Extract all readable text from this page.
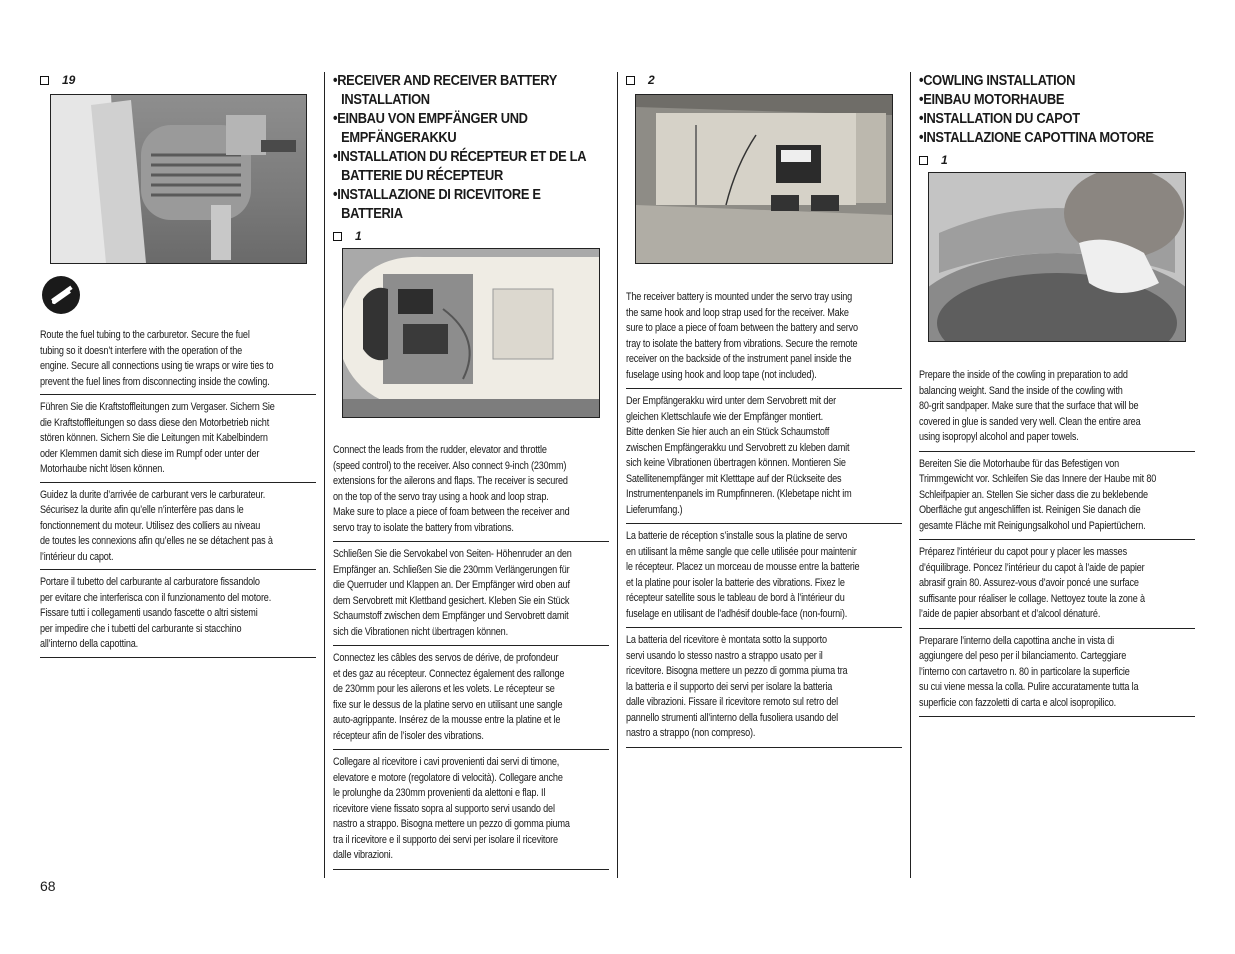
19

Route the fuel tubing to the carburetor. Secure the fuel
tubing so it doesn’t interfere with the operation of the
engine. Secure all connections using tie wraps or wire ties to
prevent the fuel lines from disconnecting inside the cowling.

Führen Sie die Kraftstoffleitungen zum Vergaser. Sichern Sie
die Kraftstoffleitungen so dass diese den Motorbetrieb nicht
stören können. Sichern Sie die Leitungen mit Kabelbindern
oder Klemmen damit sich diese im Rumpf oder unter der
Motorhaube nicht lösen können.

Guidez la durite d’arrivée de carburant vers le carburateur.
Sécurisez la durite afin qu’elle n’interfère pas dans le
fonctionnement du moteur. Utilisez des colliers au niveau
de toutes les connexions afin qu’elles ne se détachent pas à
l’intérieur du capot.

Portare il tubetto del carburante al carburatore fissandolo
per evitare che interferisca con il funzionamento del motore.
Fissare tutti i collegamenti usando fascette o altri sistemi
per impedire che i tubetti del carburante si stacchino
all’interno della capottina.

•RECEIVER AND RECEIVER BATTERY
INSTALLATION
•EINBAU VON EMPFÄNGER UND
EMPFÄNGERAKKU
•INSTALLATION DU RÉCEPTEUR ET DE LA
BATTERIE DU RÉCEPTEUR
•INSTALLAZIONE DI RICEVITORE E
BATTERIA
1

Connect the leads from the rudder, elevator and throttle
(speed control) to the receiver. Also connect 9-inch (230mm)
extensions for the ailerons and flaps. The receiver is secured
on the top of the servo tray using a hook and loop strap.
Make sure to place a piece of foam between the receiver and
servo tray to isolate the battery from vibrations.

Schließen Sie die Servokabel von Seiten- Höhenruder an den
Empfänger an. Schließen Sie die 230mm Verlängerungen für
die Querruder und Klappen an. Der Empfänger wird oben auf
dem Servobrett mit Klettband gesichert. Kleben Sie ein Stück
Schaumstoff zwischen dem Empfänger und Servobrett damit
sich die Vibrationen nicht übertragen können.

Connectez les câbles des servos de dérive, de profondeur
et des gaz au récepteur. Connectez également des rallonge
de 230mm pour les ailerons et les volets. Le récepteur se
fixe sur le dessus de la platine servo en utilisant une sangle
auto-agrippante. Insérez de la mousse entre la platine et le
récepteur afin de l’isoler des vibrations.

Collegare al ricevitore i cavi provenienti dai servi di timone,
elevatore e motore (regolatore di velocità). Collegare anche
le prolunghe da 230mm provenienti da alettoni e flap. Il
ricevitore viene fissato sopra al supporto servi usando del
nastro a strappo. Bisogna mettere un pezzo di gomma piuma
tra il ricevitore e il supporto dei servi per isolare il ricevitore
dalle vibrazioni.

2

The receiver battery is mounted under the servo tray using
the same hook and loop strap used for the receiver. Make
sure to place a piece of foam between the battery and servo
tray to isolate the battery from vibrations. Secure the remote
receiver on the backside of the instrument panel inside the
fuselage using hook and loop tape (not included).

Der Empfängerakku wird unter dem Servobrett mit der
gleichen Klettschlaufe wie der Empfänger montiert.
Bitte denken Sie hier auch an ein Stück Schaumstoff
zwischen Empfängerakku und Servobrett zu kleben damit
sich keine Vibrationen übertragen können. Montieren Sie
Satellitenempfänger mit Kletttape auf der Rückseite des
Instrumentenpanels im Rumpfinneren. (Klebetape nicht im
Lieferumfang.)

La batterie de réception s’installe sous la platine de servo
en utilisant la même sangle que celle utilisée pour maintenir
le récepteur. Placez un morceau de mousse entre la batterie
et la platine pour isoler la batterie des vibrations. Fixez le
récepteur satellite sous le tableau de bord à l’intérieur du
fuselage en utilisant de l’adhésif double-face (non-fourni).

La batteria del ricevitore è montata sotto la supporto
servi usando lo stesso nastro a strappo usato per il
ricevitore. Bisogna mettere un pezzo di gomma piuma tra
la batteria e il supporto dei servi per isolare la batteria
dalle vibrazioni. Fissare il ricevitore remoto sul retro del
pannello strumenti all’interno della fusoliera usando del
nastro a strappo (non compreso).

•COWLING INSTALLATION
•EINBAU MOTORHAUBE
•INSTALLATION DU CAPOT
•INSTALLAZIONE CAPOTTINA MOTORE
1

Prepare the inside of the cowling in preparation to add
balancing weight. Sand the inside of the cowling with
80-grit sandpaper. Make sure that the surface that will be
covered in glue is sanded very well. Clean the entire area
using isopropyl alcohol and paper towels.

Bereiten Sie die Motorhaube für das Befestigen von
Trimmgewicht vor. Schleifen Sie das Innere der Haube mit 80
Schleifpapier an. Stellen Sie sicher dass die zu beklebende
Oberfläche gut angeschliffen ist. Reinigen Sie danach die
gesamte Fläche mit Reinigungsalkohol und Papiertüchern.

Préparez l’intérieur du capot pour y placer les masses
d’équilibrage. Poncez l’intérieur du capot à l’aide de papier
abrasif grain 80. Assurez-vous d’avoir poncé une surface
suffisante pour réaliser le collage. Nettoyez toute la zone à
l’aide de papier absorbant et d’alcool dénaturé.

Preparare l’interno della capottina anche in vista di
aggiungere del peso per il bilanciamento. Carteggiare
l’interno con cartavetro n. 80 in particolare la superficie
su cui viene messa la colla. Pulire accuratamente tutta la
superficie con fazzoletti di carta e alcol isopropilico.

68
